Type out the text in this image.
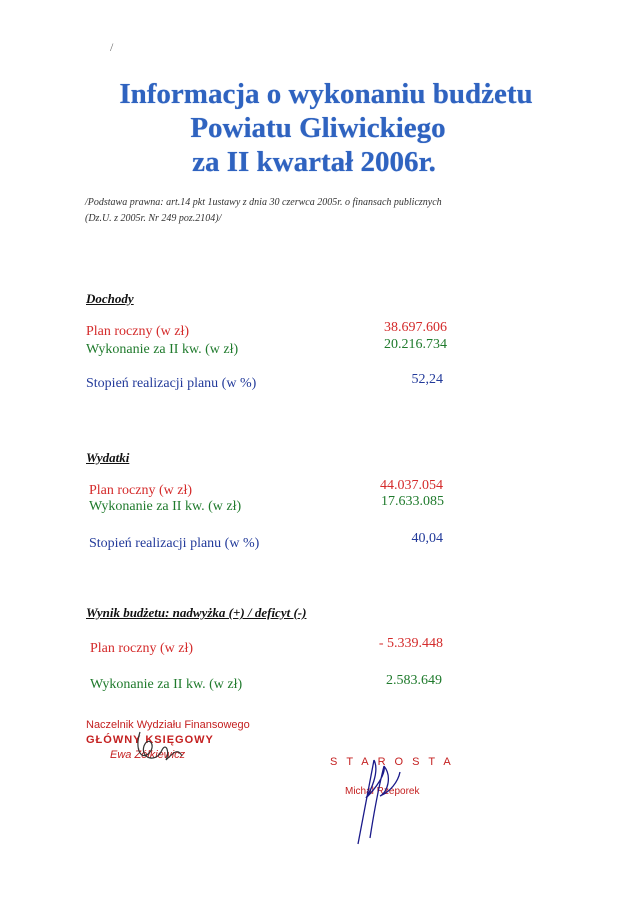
/
Informacja o wykonaniu budżetu
Powiatu Gliwickiego
za II kwartał 2006r.
/Podstawa prawna: art.14 pkt 1ustawy z dnia 30 czerwca 2005r. o finansach publicznych
(Dz.U. z 2005r. Nr 249 poz.2104)/
Dochody
Plan roczny (w zł)	38.697.606
Wykonanie za II kw. (w zł)	20.216.734
Stopień realizacji planu (w %)	52,24
Wydatki
Plan roczny (w zł)	44.037.054
Wykonanie za II kw. (w zł)	17.633.085
Stopień realizacji planu (w %)	40,04
Wynik budżetu: nadwyżka (+) / deficyt (-)
Plan roczny (w zł)	- 5.339.448
Wykonanie za II kw. (w zł)	2.583.649
Naczelnik Wydziału Finansowego
GŁÓWNY KSIĘGOWY
Ewa Żółkiewicz
STAROSTA
Michał Rzeporek
